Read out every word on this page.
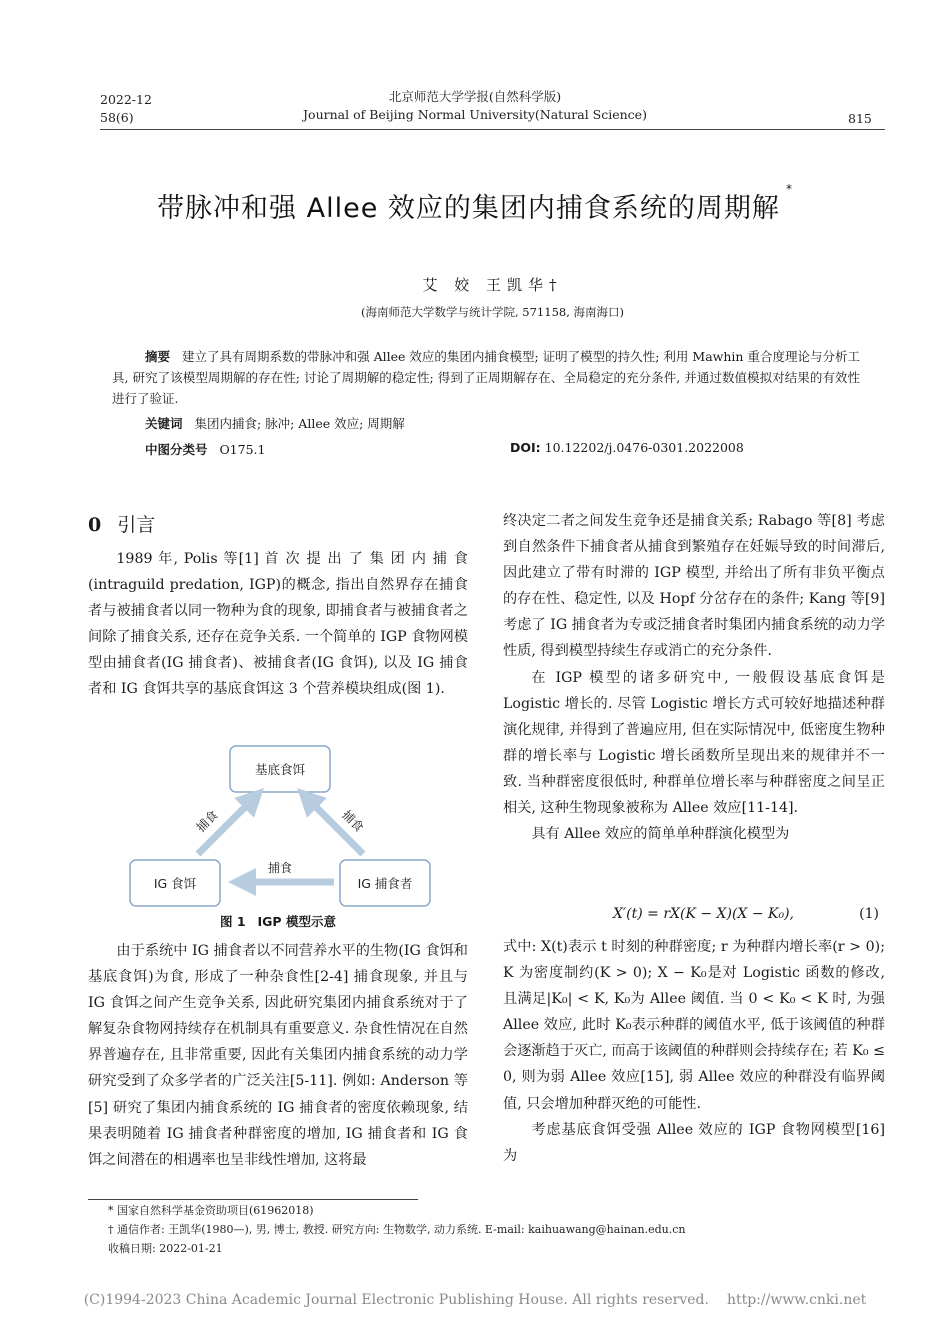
2022-12
58(6)
北京师范大学学报(自然科学版)
Journal of Beijing Normal University(Natural Science)	815
带脉冲和强 Allee 效应的集团内捕食系统的周期解*
艾 姣 王凯华†
(海南师范大学数学与统计学院, 571158, 海南海口)
摘要 建立了具有周期系数的带脉冲和强 Allee 效应的集团内捕食模型; 证明了模型的持久性; 利用 Mawhin 重合度理论与分析工具, 研究了该模型周期解的存在性; 讨论了周期解的稳定性; 得到了正周期解存在、全局稳定的充分条件, 并通过数值模拟对结果的有效性进行了验证.
关键词 集团内捕食; 脉冲; Allee 效应; 周期解
中图分类号 O175.1	DOI: 10.12202/j.0476-0301.2022008
0 引言

1989 年, Polis 等[1] 首 次 提 出 了 集 团 内 捕 食 (intraguild predation, IGP)的概念, 指出自然界存在捕食者与被捕食者以同一物种为食的现象, 即捕食者与被捕食者之间除了捕食关系, 还存在竞争关系. 一个简单的 IGP 食物网模型由捕食者(IG 捕食者)、被捕食者(IG 食饵), 以及 IG 捕食者和 IG 食饵共享的基底食饵这 3 个营养模块组成(图 1).

基底食饵
IG 食饵	IG 捕食者
捕食	捕食
捕食
图 1 IGP 模型示意

由于系统中 IG 捕食者以不同营养水平的生物(IG 食饵和基底食饵)为食, 形成了一种杂食性[2-4] 捕食现象, 并且与 IG 食饵之间产生竞争关系, 因此研究集团内捕食系统对于了解复杂食物网持续存在机制具有重要意义. 杂食性情况在自然界普遍存在, 且非常重要, 因此有关集团内捕食系统的动力学研究受到了众多学者的广泛关注[5-11]. 例如: Anderson 等[5] 研究了集团内捕食系统的 IG 捕食者的密度依赖现象, 结果表明随着 IG 捕食者种群密度的增加, IG 捕食者和 IG 食饵之间潜在的相遇率也呈非线性增加, 这将最

终决定二者之间发生竞争还是捕食关系; Rabago 等[8] 考虑到自然条件下捕食者从捕食到繁殖存在妊娠导致的时间滞后, 因此建立了带有时滞的 IGP 模型, 并给出了所有非负平衡点的存在性、稳定性, 以及 Hopf 分岔存在的条件; Kang 等[9] 考虑了 IG 捕食者为专或泛捕食者时集团内捕食系统的动力学性质, 得到模型持续生存或消亡的充分条件.

在 IGP 模型的诸多研究中, 一般假设基底食饵是 Logistic 增长的. 尽管 Logistic 增长方式可较好地描述种群演化规律, 并得到了普遍应用, 但在实际情况中, 低密度生物种群的增长率与 Logistic 增长函数所呈现出来的规律并不一致. 当种群密度很低时, 种群单位增长率与种群密度之间呈正相关, 这种生物现象被称为 Allee 效应[11-14].

具有 Allee 效应的简单单种群演化模型为

X′(t) = rX(K − X)(X − K₀),	(1)

式中: X(t)表示 t 时刻的种群密度; r 为种群内增长率(r > 0); K 为密度制约(K > 0); X − K₀是对 Logistic 函数的修改, 且满足|K₀| < K, K₀为 Allee 阈值. 当 0 < K₀ < K 时, 为强 Allee 效应, 此时 K₀表示种群的阈值水平, 低于该阈值的种群会逐渐趋于灭亡, 而高于该阈值的种群则会持续存在; 若 K₀ ≤ 0, 则为弱 Allee 效应[15], 弱 Allee 效应的种群没有临界阈值, 只会增加种群灭绝的可能性.

考虑基底食饵受强 Allee 效应的 IGP 食物网模型[16] 为

* 国家自然科学基金资助项目(61962018)
† 通信作者: 王凯华(1980—), 男, 博士, 教授. 研究方向: 生物数学, 动力系统. E-mail: kaihuawang@hainan.edu.cn
收稿日期: 2022-01-21
(C)1994-2023 China Academic Journal Electronic Publishing House. All rights reserved. http://www.cnki.net
